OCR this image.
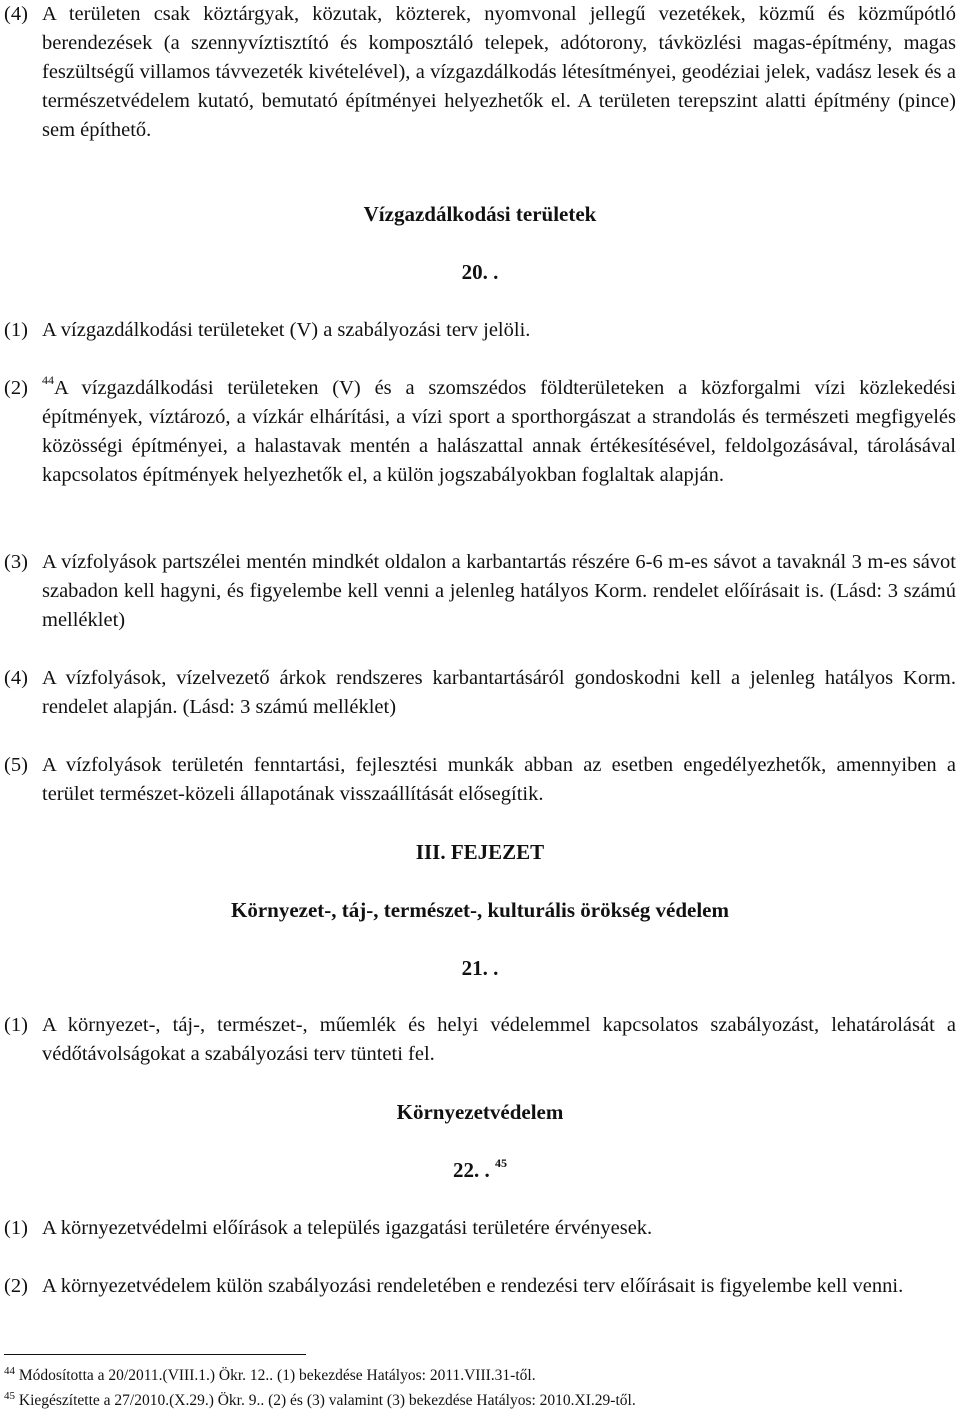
(4) A területen csak köztárgyak, közutak, közterek, nyomvonal jellegű vezetékek, közmű és közműpótló berendezések (a szennyvíztisztító és komposztáló telepek, adótorony, távközlési magas-építmény, magas feszültségű villamos távvezeték kivételével), a vízgazdálkodás létesítményei, geodéziai jelek, vadász lesek és a természetvédelem kutató, bemutató építményei helyezhetők el. A területen terepszint alatti építmény (pince) sem építhető.
Vízgazdálkodási területek
20. .
(1) A vízgazdálkodási területeket (V) a szabályozási terv jelöli.
(2)	$^{44}$A vízgazdálkodási területeken (V) és a szomszédos földterületeken a közforgalmi vízi közlekedési építmények, víztározó, a vízkár elhárítási, a vízi sport a sporthorgászat a strandolás és természeti megfigyelés közösségi építményei, a halastavak mentén a halászattal annak értékesítésével, feldolgozásával, tárolásával kapcsolatos építmények helyezhetők el, a külön jogszabályokban foglaltak alapján.
(3) A vízfolyások partszélei mentén mindkét oldalon a karbantartás részére 6-6 m-es sávot a tavaknál 3 m-es sávot szabadon kell hagyni, és figyelembe kell venni a jelenleg hatályos Korm. rendelet előírásait is. (Lásd: 3 számú melléklet)
(4) A vízfolyások, vízelvezető árkok rendszeres karbantartásáról gondoskodni kell a jelenleg hatályos Korm. rendelet alapján. (Lásd: 3 számú melléklet)
(5) A vízfolyások területén fenntartási, fejlesztési munkák abban az esetben engedélyezhetők, amennyiben a terület természet-közeli állapotának visszaállítását elősegítik.
III. FEJEZET
Környezet-, táj-, természet-, kulturális örökség védelem
21. .
(1) A környezet-, táj-, természet-, műemlék és helyi védelemmel kapcsolatos szabályozást, lehatárolását a védőtávolságokat a szabályozási terv tünteti fel.
Környezetvédelem
22. . $^{45}$
(1) A környezetvédelmi előírások a település igazgatási területére érvényesek.
(2) A környezetvédelem külön szabályozási rendeletében e rendezési terv előírásait is figyelembe kell venni.
$^{44}$ Módosította a 20/2011.(VIII.1.) Ökr. 12.. (1) bekezdése Hatályos: 2011.VIII.31-től.
$^{45}$ Kiegészítette a 27/2010.(X.29.) Ökr. 9.. (2) és (3) valamint (3) bekezdése Hatályos: 2010.XI.29-től.
